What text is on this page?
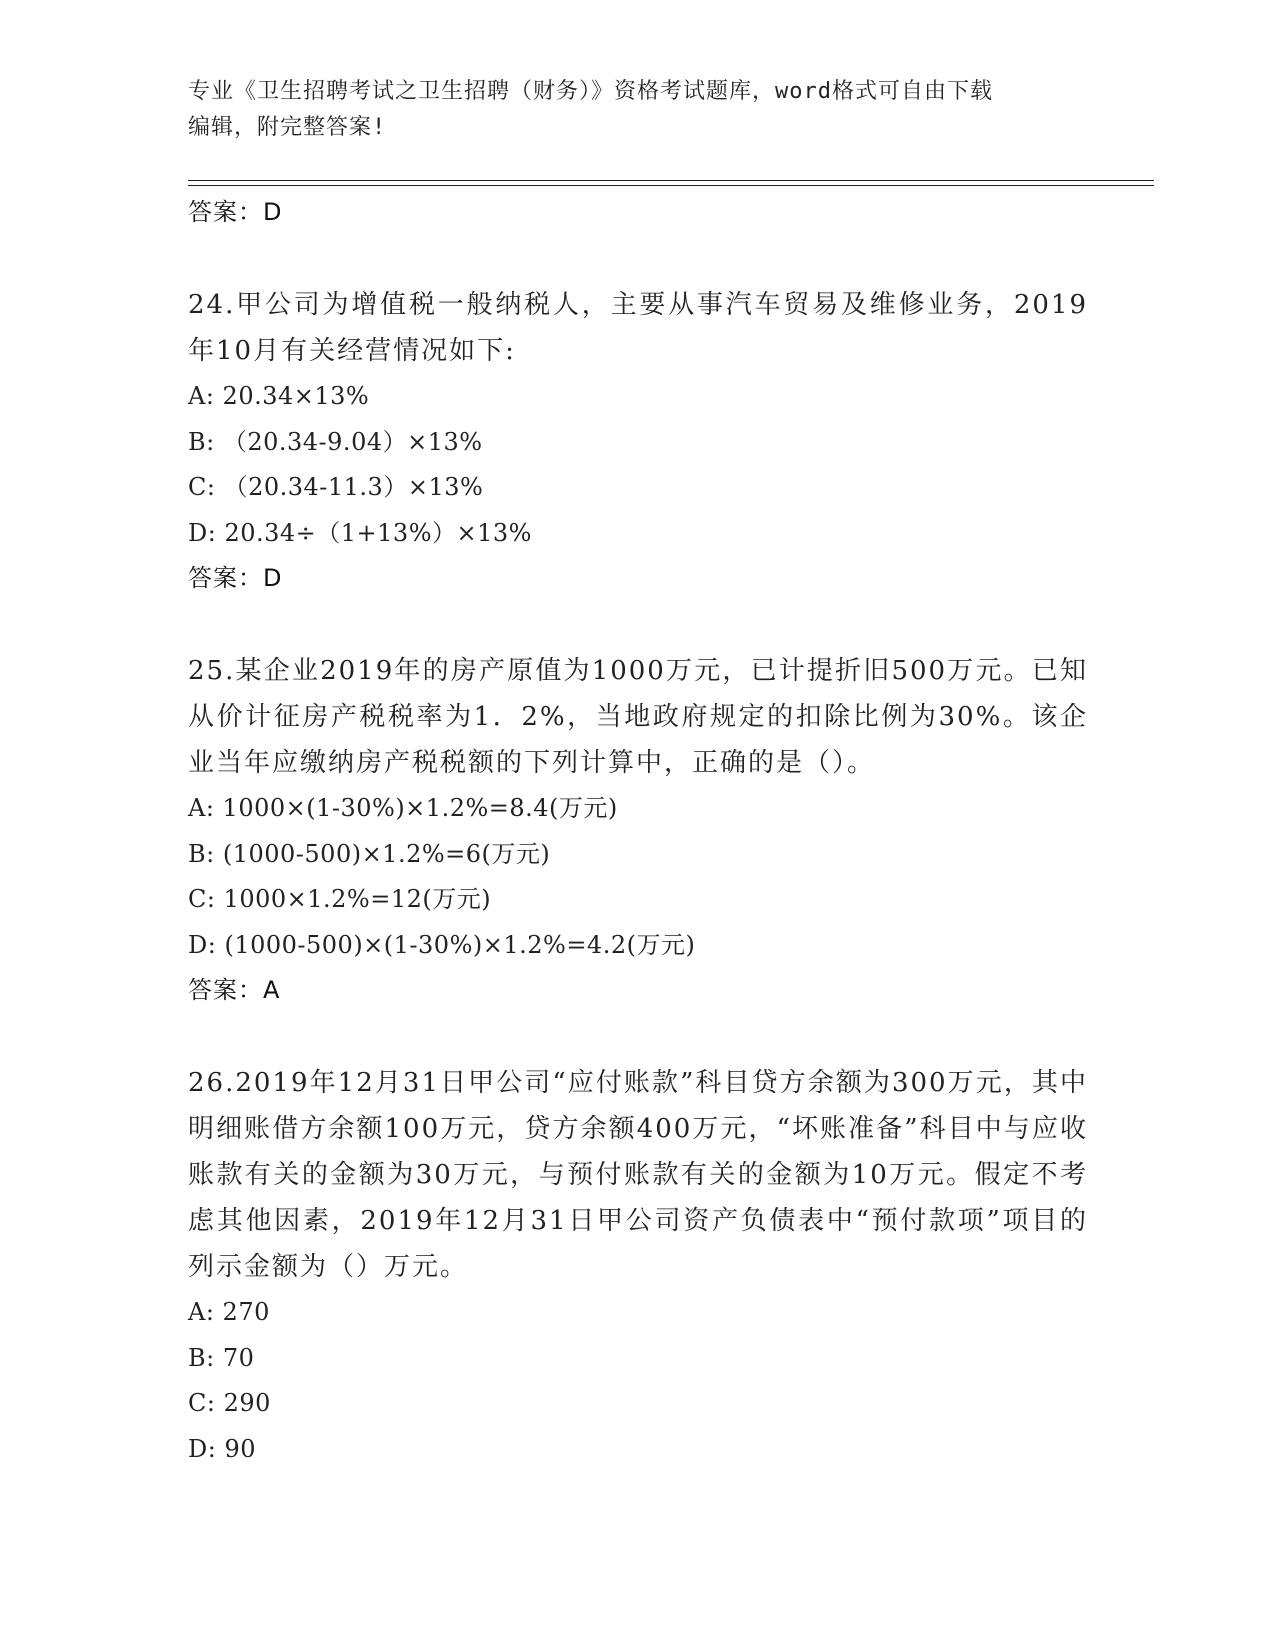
专业《卫生招聘考试之卫生招聘（财务）》资格考试题库，word格式可自由下载
编辑，附完整答案!
答案：D
24.甲公司为增值税一般纳税人，主要从事汽车贸易及维修业务，2019年10月有关经营情况如下:
A: 20.34×13%
B: （20.34-9.04）×13%
C: （20.34-11.3）×13%
D: 20.34÷（1+13%）×13%
答案：D
25.某企业2019年的房产原值为1000万元，已计提折旧500万元。已知从价计征房产税税率为1．2%，当地政府规定的扣除比例为30%。该企业当年应缴纳房产税税额的下列计算中，正确的是（）。
A: 1000×(1-30%)×1.2%=8.4(万元)
B: (1000-500)×1.2%=6(万元)
C: 1000×1.2%=12(万元)
D: (1000-500)×(1-30%)×1.2%=4.2(万元)
答案：A
26.2019年12月31日甲公司“应付账款”科目贷方余额为300万元，其中明细账借方余额100万元，贷方余额400万元，“坏账准备”科目中与应收账款有关的金额为30万元，与预付账款有关的金额为10万元。假定不考虑其他因素，2019年12月31日甲公司资产负债表中“预付款项”项目的列示金额为（）万元。
A: 270
B: 70
C: 290
D: 90
